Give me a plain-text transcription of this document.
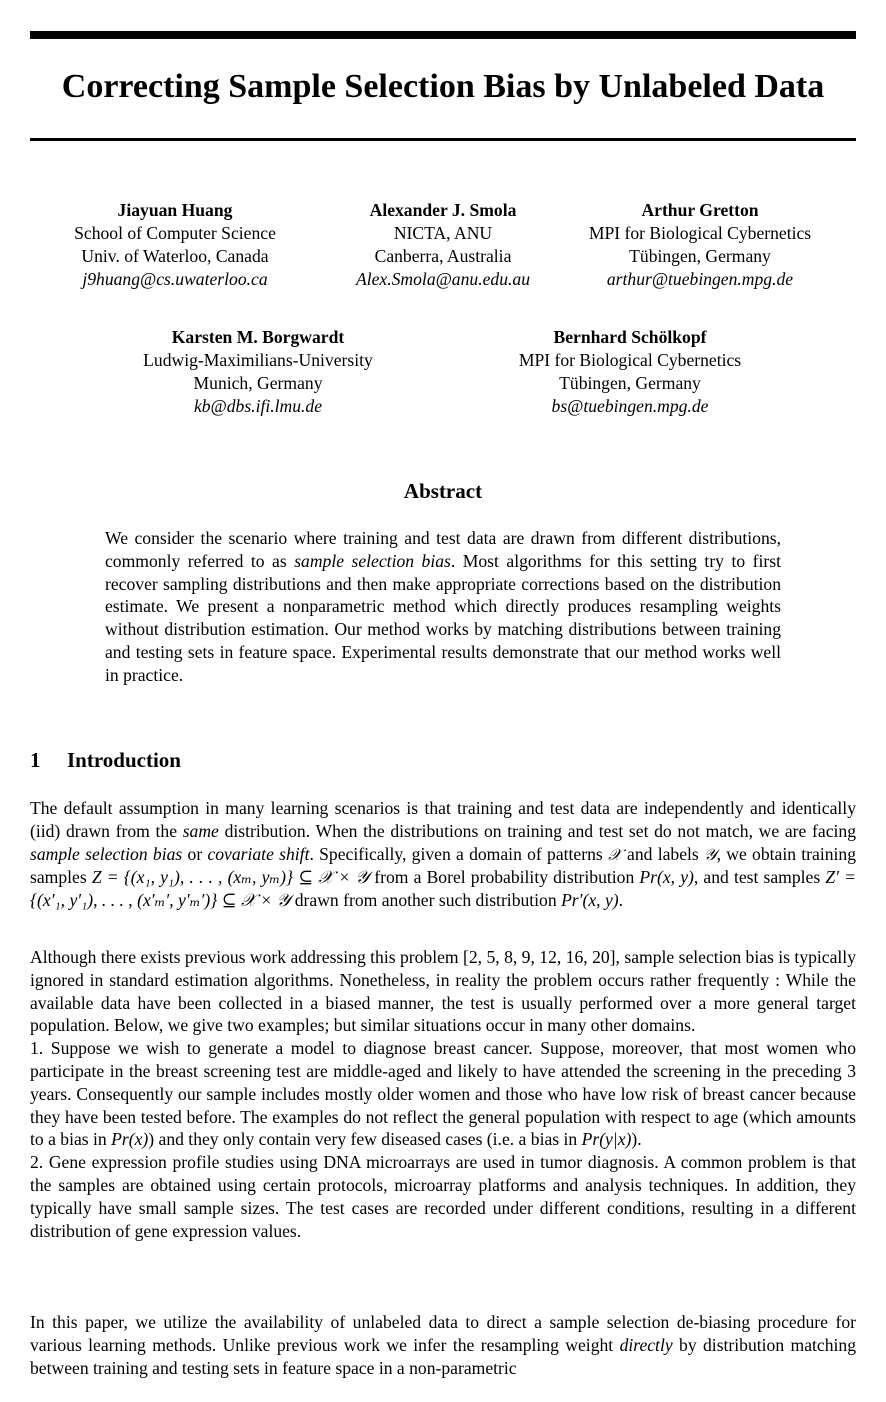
Correcting Sample Selection Bias by Unlabeled Data
Jiayuan Huang
School of Computer Science
Univ. of Waterloo, Canada
j9huang@cs.uwaterloo.ca
Alexander J. Smola
NICTA, ANU
Canberra, Australia
Alex.Smola@anu.edu.au
Arthur Gretton
MPI for Biological Cybernetics
Tübingen, Germany
arthur@tuebingen.mpg.de
Karsten M. Borgwardt
Ludwig-Maximilians-University
Munich, Germany
kb@dbs.ifi.lmu.de
Bernhard Schölkopf
MPI for Biological Cybernetics
Tübingen, Germany
bs@tuebingen.mpg.de
Abstract

We consider the scenario where training and test data are drawn from different distributions, commonly referred to as sample selection bias. Most algorithms for this setting try to first recover sampling distributions and then make appropriate corrections based on the distribution estimate. We present a nonparametric method which directly produces resampling weights without distribution estimation. Our method works by matching distributions between training and testing sets in feature space. Experimental results demonstrate that our method works well in practice.

1 Introduction

The default assumption in many learning scenarios is that training and test data are independently and identically (iid) drawn from the same distribution. When the distributions on training and test set do not match, we are facing sample selection bias or covariate shift. Specifically, given a domain of patterns 𝒳 and labels 𝒴, we obtain training samples Z = {(x₁, y₁), . . . , (xₘ, yₘ)} ⊆ 𝒳 × 𝒴 from a Borel probability distribution Pr(x, y), and test samples Z′ = {(x′₁, y′₁), . . . , (x′ₘ′, y′ₘ′)} ⊆ 𝒳 × 𝒴 drawn from another such distribution Pr′(x, y).

Although there exists previous work addressing this problem [2, 5, 8, 9, 12, 16, 20], sample selection bias is typically ignored in standard estimation algorithms. Nonetheless, in reality the problem occurs rather frequently : While the available data have been collected in a biased manner, the test is usually performed over a more general target population. Below, we give two examples; but similar situations occur in many other domains.
1. Suppose we wish to generate a model to diagnose breast cancer. Suppose, moreover, that most women who participate in the breast screening test are middle-aged and likely to have attended the screening in the preceding 3 years. Consequently our sample includes mostly older women and those who have low risk of breast cancer because they have been tested before. The examples do not reflect the general population with respect to age (which amounts to a bias in Pr(x)) and they only contain very few diseased cases (i.e. a bias in Pr(y|x)).
2. Gene expression profile studies using DNA microarrays are used in tumor diagnosis. A common problem is that the samples are obtained using certain protocols, microarray platforms and analysis techniques. In addition, they typically have small sample sizes. The test cases are recorded under different conditions, resulting in a different distribution of gene expression values.

In this paper, we utilize the availability of unlabeled data to direct a sample selection de-biasing procedure for various learning methods. Unlike previous work we infer the resampling weight directly by distribution matching between training and testing sets in feature space in a non-parametric
